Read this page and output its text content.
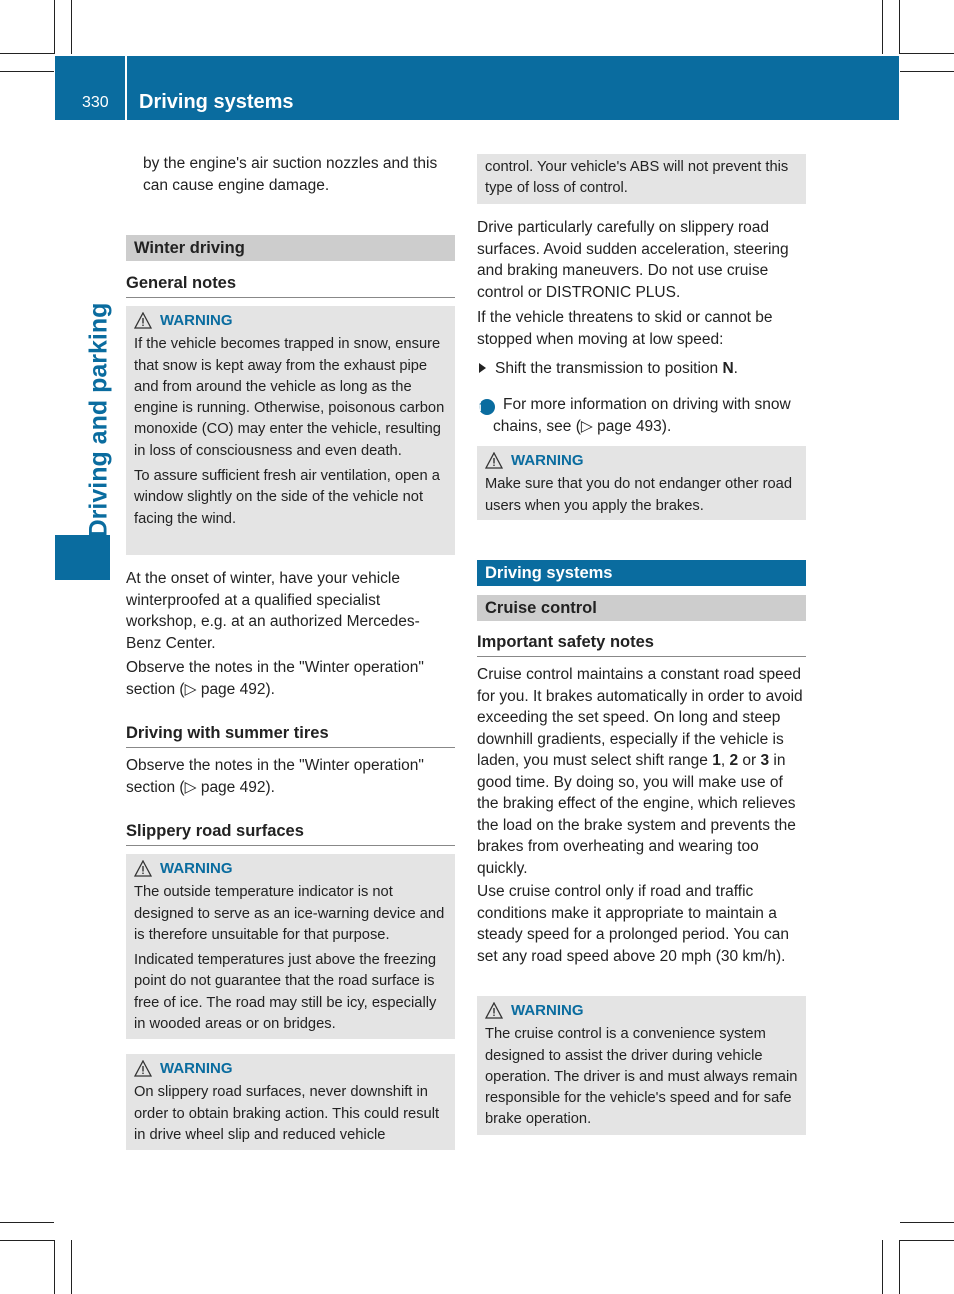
330 Driving systems
Driving and parking

by the engine's air suction nozzles and this can cause engine damage.

Winter driving
General notes
WARNING

If the vehicle becomes trapped in snow, ensure that snow is kept away from the exhaust pipe and from around the vehicle as long as the engine is running. Otherwise, poisonous carbon monoxide (CO) may enter the vehicle, resulting in loss of consciousness and even death.

To assure sufficient fresh air ventilation, open a window slightly on the side of the vehicle not facing the wind.

At the onset of winter, have your vehicle winterproofed at a qualified specialist workshop, e.g. at an authorized Mercedes-Benz Center.

Observe the notes in the "Winter operation" section (▷ page 492).

Driving with summer tires

Observe the notes in the "Winter operation" section (▷ page 492).

Slippery road surfaces
WARNING

The outside temperature indicator is not designed to serve as an ice-warning device and is therefore unsuitable for that purpose.

Indicated temperatures just above the freezing point do not guarantee that the road surface is free of ice. The road may still be icy, especially in wooded areas or on bridges.

WARNING

On slippery road surfaces, never downshift in order to obtain braking action. This could result in drive wheel slip and reduced vehicle

control. Your vehicle's ABS will not prevent this type of loss of control.

Drive particularly carefully on slippery road surfaces. Avoid sudden acceleration, steering and braking maneuvers. Do not use cruise control or DISTRONIC PLUS.

If the vehicle threatens to skid or cannot be stopped when moving at low speed:

Shift the transmission to position N.

i For more information on driving with snow chains, see (▷ page 493).

WARNING

Make sure that you do not endanger other road users when you apply the brakes.

Driving systems
Cruise control
Important safety notes

Cruise control maintains a constant road speed for you. It brakes automatically in order to avoid exceeding the set speed. On long and steep downhill gradients, especially if the vehicle is laden, you must select shift range 1, 2 or 3 in good time. By doing so, you will make use of the braking effect of the engine, which relieves the load on the brake system and prevents the brakes from overheating and wearing too quickly.

Use cruise control only if road and traffic conditions make it appropriate to maintain a steady speed for a prolonged period. You can set any road speed above 20 mph (30 km/h).

WARNING

The cruise control is a convenience system designed to assist the driver during vehicle operation. The driver is and must always remain responsible for the vehicle's speed and for safe brake operation.
